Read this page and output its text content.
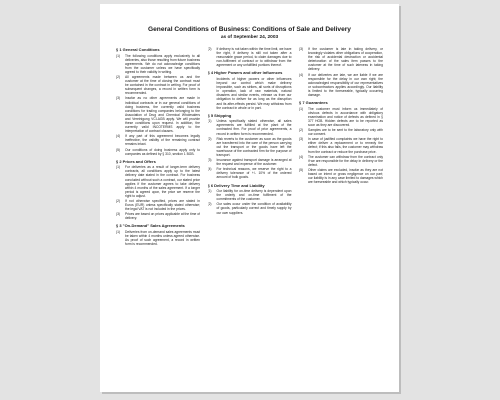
General Conditions of Business: Conditions of Sale and Delivery
as of September 24, 2003
§ 1 General Conditions
(1)	The following conditions apply exclusively to all deliveries, also those resulting from future business agreements. We do not acknowledge conditions from the customer unless we have specifically agreed to their validity in writing.
(2)	All agreements made between us and the customer at the time of closing the contract must be contained in the contract in writing. For proof of subsequent changes, a record in written form is recommended.
(3)	Insofar as no other agreements are made in individual contracts or in our general conditions of doing business, the currently valid business conditions for trading companies belonging to the Association of Drug and Chemical Wholesalers and Vereinigung VCI-AGB apply. We will provide these conditions upon request. In addition, the currently valid INCOTERMS apply to the interpretation of contract clauses.
(4)	If any part of this agreement becomes legally ineffective, the validity of the remaining contract remains intact.
(5)	Our conditions of doing business apply only to companies as defined by § 310, section 1 BGB.
§ 2 Prices and Offers
(1)	For deliveries as a result of longer-term delivery contracts, all conditions apply up to the latest delivery date stated in the contract. For business concluded without such a contract, our stated price applies if the customer agrees to take delivery within 4 months of the sales agreement. If a longer period is agreed upon, the price we reserve the right to adjust.
(2)	If not otherwise specified, prices are stated in Euros (EUR) unless specifically stated otherwise; the legal VAT is not included in the prices.
(3)	Prices are based on prices applicable at the time of delivery.
§ 3 "On-Demand" Sales Agreements
(1)	Deliveries from on-demand sales agreements must be taken within 4 months unless agreed otherwise. As proof of such agreement, a record in written form is recommended.
(2)	If delivery is not taken within the time limit, we have the right, if delivery is still not taken after a reasonable grace period, to claim damages due to non-fulfilment of contract or to withdraw from the agreement or any unfulfilled portions thereof.
§ 4 Higher Powers and other Influences
Incidents of higher powers or other influences beyond our control which make delivery impossible, such as strikes, all sorts of disruptions in operation, lack of raw materials, natural disasters and similar events, release us from our obligation to deliver for as long as the disruption and its after-effects persist. We may withdraw from the contract in whole or in part.
§ 5 Shipping
(1)	Unless specifically stated otherwise, all sales agreements are fulfilled at the plant of the contracted firm. For proof of prior agreements, a record in written form is recommended.
(2)	Risk reverts to the customer as soon as the goods are transferred into the care of the person carrying out the transport or the goods have left the warehouse of the contracted firm for the purpose of transport.
(3)	Insurance against transport damage is arranged at the request and expense of the customer.
(4)	For technical reasons, we reserve the right to a delivery tolerance of +/- 10% of the ordered amount of bulk goods.
§ 6 Delivery Time and Liability
(1)	Our liability for on-time delivery is dependent upon the orderly and on-time fulfilment of the commitments of the customer.
(2)	Our sales occur under the condition of availability of goods, particularly correct and timely supply by our own suppliers.
(3)	If the customer is late in taking delivery, or knowingly violates other obligations of cooperation, the risk of accidental destruction or accidental deterioration of the sales item passes to the customer at the time of such lateness in taking delivery.
(4)	If our deliveries are late, we are liable if we are responsible for the delay in our own right; the acknowledged responsibility of our representatives or subcontractors applies accordingly. Our liability is limited to the foreseeable, typically occurring damage.
§ 7 Guarantees
(1)	The customer must inform us immediately of obvious defects in accordance with obligatory examination and notice of defects as defined in § 377 HGB. Hidden defects are to be reported as soon as they are discovered.
(2)	Samples are to be sent to the laboratory only with our consent.
(3)	In case of justified complaints we have the right to either deliver a replacement or to remedy the defect; if this also fails, the customer may withdraw from the contract or reduce the purchase price.
(4)	The customer can withdraw from the contract only if we are responsible for the delay in delivery or the defect.
(5)	Other claims are excluded, insofar as they are not based on intent or gross negligence on our part; our liability is in any case limited to damages which are foreseeable and which typically occur.
